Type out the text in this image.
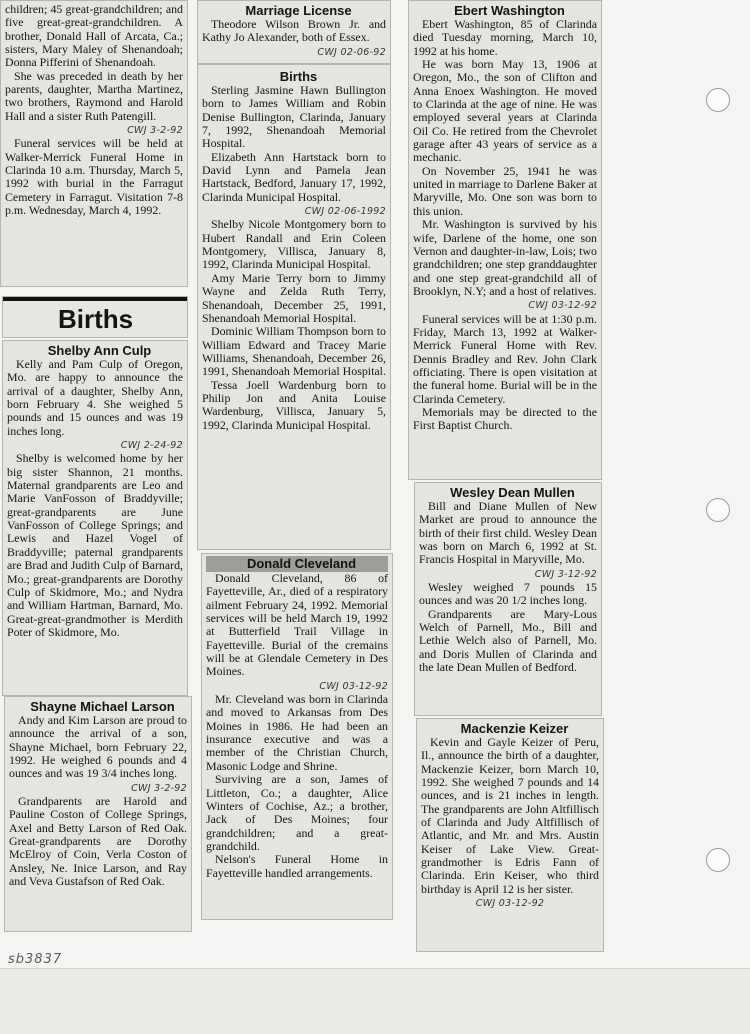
sb3837

children; 45 great-grandchildren; and five great-great-grandchildren. A brother, Donald Hall of Arcata, Ca.; sisters, Mary Maley of Shenandoah; Donna Pifferini of Shenandoah.

She was preceded in death by her parents, daughter, Martha Martinez, two brothers, Raymond and Harold Hall and a sister Ruth Patengill.

CWJ 3-2-92

Funeral services will be held at Walker-Merrick Funeral Home in Clarinda 10 a.m. Thursday, March 5, 1992 with burial in the Farragut Cemetery in Farragut. Visitation 7-8 p.m. Wednesday, March 4, 1992.

Births

Shelby Ann Culp

Kelly and Pam Culp of Oregon, Mo. are happy to announce the arrival of a daughter, Shelby Ann, born February 4. She weighed 5 pounds and 15 ounces and was 19 inches long.

CWJ 2-24-92

Shelby is welcomed home by her big sister Shannon, 21 months. Maternal grandparents are Leo and Marie VanFosson of Braddyville; great-grandparents are June VanFosson of College Springs; and Lewis and Hazel Vogel of Braddyville; paternal grandparents are Brad and Judith Culp of Barnard, Mo.; great-grandparents are Dorothy Culp of Skidmore, Mo.; and Nydra and William Hartman, Barnard, Mo. Great-great-grandmother is Merdith Poter of Skidmore, Mo.

Shayne Michael Larson

Andy and Kim Larson are proud to announce the arrival of a son, Shayne Michael, born February 22, 1992. He weighed 6 pounds and 4 ounces and was 19 3/4 inches long.

CWJ 3-2-92

Grandparents are Harold and Pauline Coston of College Springs, Axel and Betty Larson of Red Oak. Great-grandparents are Dorothy McElroy of Coin, Verla Coston of Ansley, Ne. Inice Larson, and Ray and Veva Gustafson of Red Oak.

Marriage License

Theodore Wilson Brown Jr. and Kathy Jo Alexander, both of Essex.

CWJ 02-06-92

Births

Sterling Jasmine Hawn Bullington born to James William and Robin Denise Bullington, Clarinda, January 7, 1992, Shenandoah Memorial Hospital.

Elizabeth Ann Hartstack born to David Lynn and Pamela Jean Hartstack, Bedford, January 17, 1992, Clarinda Municipal Hospital.

CWJ 02-06-1992

Shelby Nicole Montgomery born to Hubert Randall and Erin Coleen Montgomery, Villisca, January 8, 1992, Clarinda Municipal Hospital.

Amy Marie Terry born to Jimmy Wayne and Zelda Ruth Terry, Shenandoah, December 25, 1991, Shenandoah Memorial Hospital.

Dominic William Thompson born to William Edward and Tracey Marie Williams, Shenandoah, December 26, 1991, Shenandoah Memorial Hospital.

Tessa Joell Wardenburg born to Philip Jon and Anita Louise Wardenburg, Villisca, January 5, 1992, Clarinda Municipal Hospital.

Donald Cleveland

Donald Cleveland, 86 of Fayetteville, Ar., died of a respiratory ailment February 24, 1992. Memorial services will be held March 19, 1992 at Butterfield Trail Village in Fayetteville. Burial of the cremains will be at Glendale Cemetery in Des Moines.

CWJ 03-12-92

Mr. Cleveland was born in Clarinda and moved to Arkansas from Des Moines in 1986. He had been an insurance executive and was a member of the Christian Church, Masonic Lodge and Shrine.

Surviving are a son, James of Littleton, Co.; a daughter, Alice Winters of Cochise, Az.; a brother, Jack of Des Moines; four grandchildren; and a great-grandchild.

Nelson's Funeral Home in Fayetteville handled arrangements.

Ebert Washington

Ebert Washington, 85 of Clarinda died Tuesday morning, March 10, 1992 at his home.

He was born May 13, 1906 at Oregon, Mo., the son of Clifton and Anna Enoex Washington. He moved to Clarinda at the age of nine. He was employed several years at Clarinda Oil Co. He retired from the Chevrolet garage after 43 years of service as a mechanic.

On November 25, 1941 he was united in marriage to Darlene Baker at Maryville, Mo. One son was born to this union.

Mr. Washington is survived by his wife, Darlene of the home, one son Vernon and daughter-in-law, Lois; two grandchildren; one step granddaughter and one step great-grandchild all of Brooklyn, N.Y; and a host of relatives.

CWJ 03-12-92

Funeral services will be at 1:30 p.m. Friday, March 13, 1992 at Walker-Merrick Funeral Home with Rev. Dennis Bradley and Rev. John Clark officiating. There is open visitation at the funeral home. Burial will be in the Clarinda Cemetery.

Memorials may be directed to the First Baptist Church.

Wesley Dean Mullen

Bill and Diane Mullen of New Market are proud to announce the birth of their first child. Wesley Dean was born on March 6, 1992 at St. Francis Hospital in Maryville, Mo.

CWJ 3-12-92

Wesley weighed 7 pounds 15 ounces and was 20 1/2 inches long.

Grandparents are Mary-Lous Welch of Parnell, Mo., Bill and Lethie Welch also of Parnell, Mo. and Doris Mullen of Clarinda and the late Dean Mullen of Bedford.

Mackenzie Keizer

Kevin and Gayle Keizer of Peru, Il., announce the birth of a daughter, Mackenzie Keizer, born March 10, 1992. She weighed 7 pounds and 14 ounces, and is 21 inches in length. The grandparents are John Altfillisch of Clarinda and Judy Altfillisch of Atlantic, and Mr. and Mrs. Austin Keiser of Lake View. Great-grandmother is Edris Fann of Clarinda. Erin Keiser, who third birthday is April 12 is her sister.

CWJ 03-12-92
